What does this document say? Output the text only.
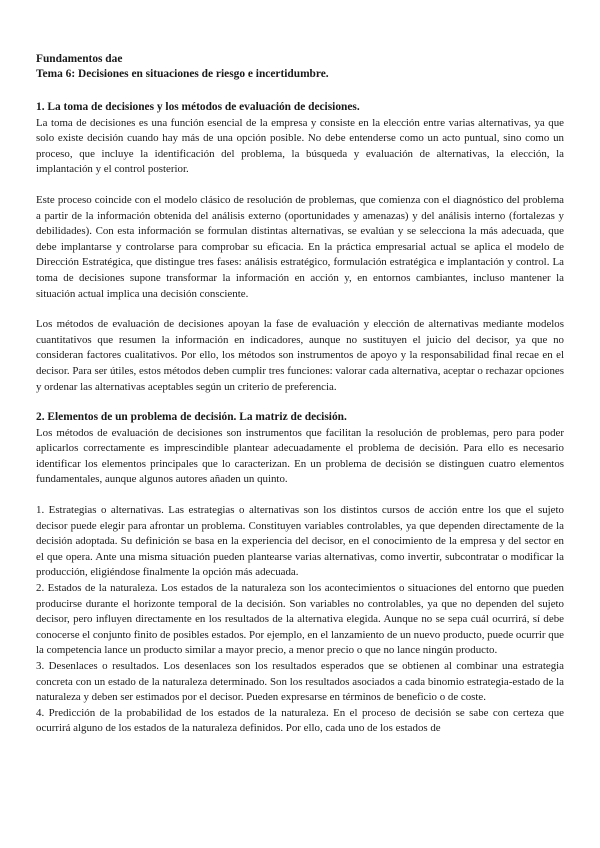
Fundamentos dae
Tema 6: Decisiones en situaciones de riesgo e incertidumbre.
1. La toma de decisiones y los métodos de evaluación de decisiones.

La toma de decisiones es una función esencial de la empresa y consiste en la elección entre varias alternativas, ya que solo existe decisión cuando hay más de una opción posible. No debe entenderse como un acto puntual, sino como un proceso, que incluye la identificación del problema, la búsqueda y evaluación de alternativas, la elección, la implantación y el control posterior.

Este proceso coincide con el modelo clásico de resolución de problemas, que comienza con el diagnóstico del problema a partir de la información obtenida del análisis externo (oportunidades y amenazas) y del análisis interno (fortalezas y debilidades). Con esta información se formulan distintas alternativas, se evalúan y se selecciona la más adecuada, que debe implantarse y controlarse para comprobar su eficacia. En la práctica empresarial actual se aplica el modelo de Dirección Estratégica, que distingue tres fases: análisis estratégico, formulación estratégica e implantación y control. La toma de decisiones supone transformar la información en acción y, en entornos cambiantes, incluso mantener la situación actual implica una decisión consciente.

Los métodos de evaluación de decisiones apoyan la fase de evaluación y elección de alternativas mediante modelos cuantitativos que resumen la información en indicadores, aunque no sustituyen el juicio del decisor, ya que no consideran factores cualitativos. Por ello, los métodos son instrumentos de apoyo y la responsabilidad final recae en el decisor. Para ser útiles, estos métodos deben cumplir tres funciones: valorar cada alternativa, aceptar o rechazar opciones y ordenar las alternativas aceptables según un criterio de preferencia.

2. Elementos de un problema de decisión. La matriz de decisión.

Los métodos de evaluación de decisiones son instrumentos que facilitan la resolución de problemas, pero para poder aplicarlos correctamente es imprescindible plantear adecuadamente el problema de decisión. Para ello es necesario identificar los elementos principales que lo caracterizan. En un problema de decisión se distinguen cuatro elementos fundamentales, aunque algunos autores añaden un quinto.

1. Estrategias o alternativas. Las estrategias o alternativas son los distintos cursos de acción entre los que el sujeto decisor puede elegir para afrontar un problema. Constituyen variables controlables, ya que dependen directamente de la decisión adoptada. Su definición se basa en la experiencia del decisor, en el conocimiento de la empresa y del sector en el que opera. Ante una misma situación pueden plantearse varias alternativas, como invertir, subcontratar o modificar la producción, eligiéndose finalmente la opción más adecuada.
2. Estados de la naturaleza. Los estados de la naturaleza son los acontecimientos o situaciones del entorno que pueden producirse durante el horizonte temporal de la decisión. Son variables no controlables, ya que no dependen del sujeto decisor, pero influyen directamente en los resultados de la alternativa elegida. Aunque no se sepa cuál ocurrirá, sí debe conocerse el conjunto finito de posibles estados. Por ejemplo, en el lanzamiento de un nuevo producto, puede ocurrir que la competencia lance un producto similar a mayor precio, a menor precio o que no lance ningún producto.
3. Desenlaces o resultados. Los desenlaces son los resultados esperados que se obtienen al combinar una estrategia concreta con un estado de la naturaleza determinado. Son los resultados asociados a cada binomio estrategia-estado de la naturaleza y deben ser estimados por el decisor. Pueden expresarse en términos de beneficio o de coste.
4. Predicción de la probabilidad de los estados de la naturaleza. En el proceso de decisión se sabe con certeza que ocurrirá alguno de los estados de la naturaleza definidos. Por ello, cada uno de los estados de
